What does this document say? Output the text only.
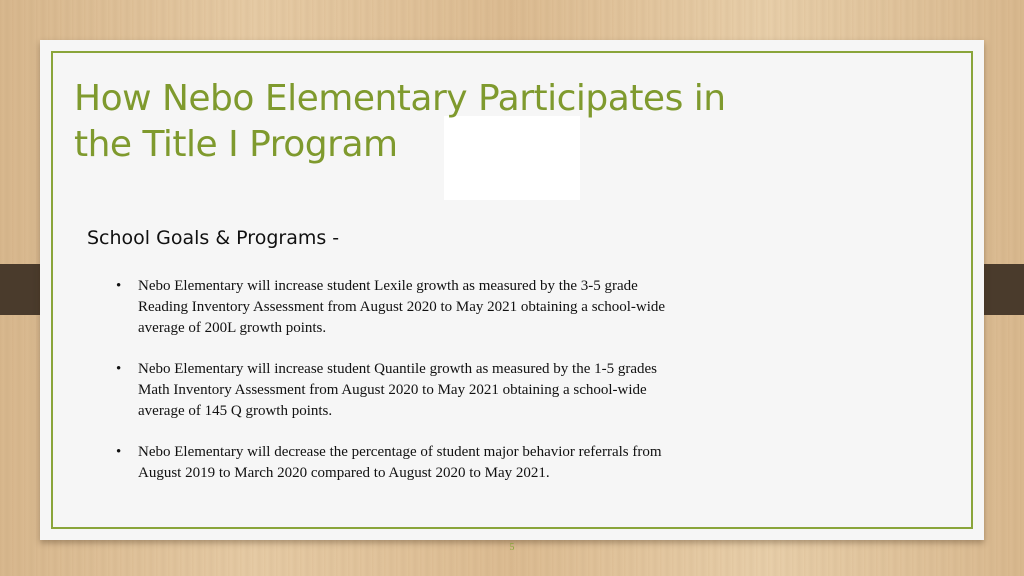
How Nebo Elementary Participates in
the Title I Program
School Goals & Programs -
• Nebo Elementary will increase student Lexile growth as measured by the 3-5 grade Reading Inventory Assessment from August 2020 to May 2021 obtaining a school-wide average of 200L growth points.
• Nebo Elementary will increase student Quantile growth as measured by the 1-5 grades Math Inventory Assessment from August 2020 to May 2021 obtaining a school-wide average of 145 Q growth points.
• Nebo Elementary will decrease the percentage of student major behavior referrals from August 2019 to March 2020 compared to August 2020 to May 2021.
5
